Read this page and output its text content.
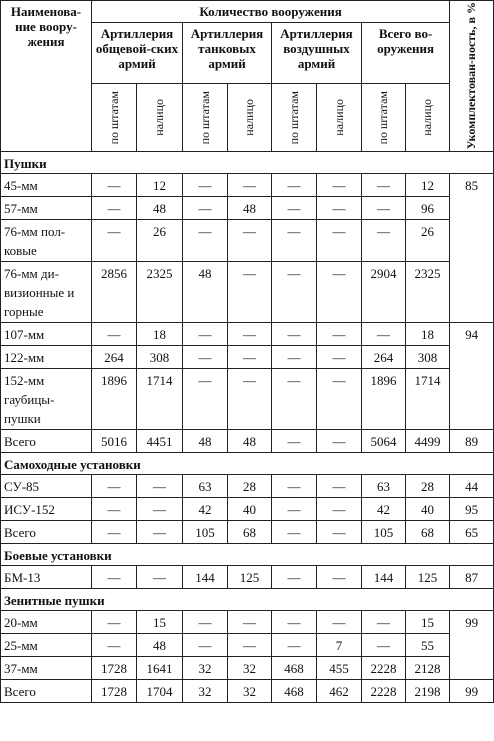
Наименова-ние воору-жения	Количество вооружения								Укомплектован-ность, в %

	Артиллерия общевой-ских армий		Артиллерия танковых армий		Артиллерия воздушных армий		Всего во-оружения		

	по штатам	налицо	по штатам	налицо	по штатам	налицо	по штатам	налицо	

Пушки									
45-мм	—	12	—	—	—	—	—	12	85
57-мм	—	48	—	48	—	—	—	96	
76-мм пол-ковые	—	26	—	—	—	—	—	26	
76-мм ди-визионные и горные	2856	2325	48	—	—	—	2904	2325	
107-мм	—	18	—	—	—	—	—	18	94
122-мм	264	308	—	—	—	—	264	308	
152-мм гаубицы-пушки	1896	1714	—	—	—	—	1896	1714	
Всего	5016	4451	48	48	—	—	5064	4499	89
Самоходные установки									
СУ-85	—	—	63	28	—	—	63	28	44
ИСУ-152	—	—	42	40	—	—	42	40	95
Всего	—	—	105	68	—	—	105	68	65
Боевые установки									
БМ-13	—	—	144	125	—	—	144	125	87
Зенитные пушки									
20-мм	—	15	—	—	—	—	—	15	99
25-мм	—	48	—	—	—	7	—	55	
37-мм	1728	1641	32	32	468	455	2228	2128	
Всего	1728	1704	32	32	468	462	2228	2198	99
